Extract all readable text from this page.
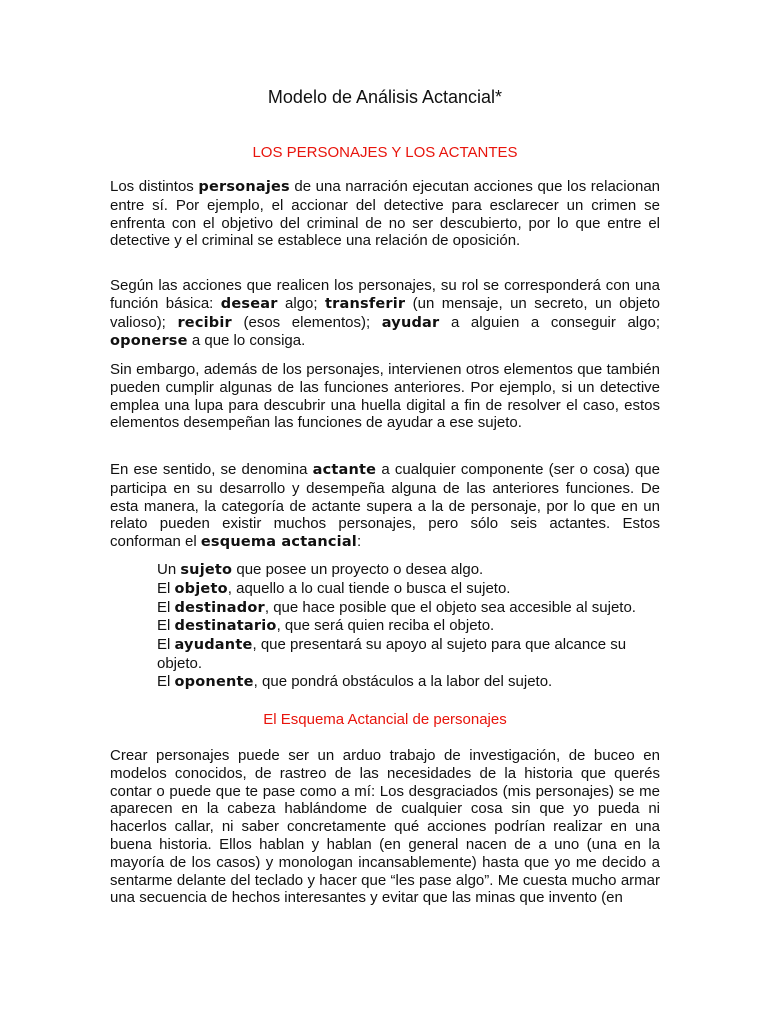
Modelo de Análisis Actancial*
LOS PERSONAJES Y LOS ACTANTES

Los distintos personajes de una narración ejecutan acciones que los relacionan entre sí. Por ejemplo, el accionar del detective para esclarecer un crimen se enfrenta con el objetivo del criminal de no ser descubierto, por lo que entre el detective y el criminal se establece una relación de oposición.

Según las acciones que realicen los personajes, su rol se corresponderá con una función básica: desear algo; transferir (un mensaje, un secreto, un objeto valioso); recibir (esos elementos); ayudar a alguien a conseguir algo; oponerse a que lo consiga.

Sin embargo, además de los personajes, intervienen otros elementos que también pueden cumplir algunas de las funciones anteriores. Por ejemplo, si un detective emplea una lupa para descubrir una huella digital a fin de resolver el caso, estos elementos desempeñan las funciones de ayudar a ese sujeto.

En ese sentido, se denomina actante a cualquier componente (ser o cosa) que participa en su desarrollo y desempeña alguna de las anteriores funciones. De esta manera, la categoría de actante supera a la de personaje, por lo que en un relato pueden existir muchos personajes, pero sólo seis actantes. Estos conforman el esquema actancial:

Un sujeto que posee un proyecto o desea algo.
El objeto, aquello a lo cual tiende o busca el sujeto.
El destinador, que hace posible que el objeto sea accesible al sujeto.
El destinatario, que será quien reciba el objeto.
El ayudante, que presentará su apoyo al sujeto para que alcance su objeto.
El oponente, que pondrá obstáculos a la labor del sujeto.
El Esquema Actancial de personajes

Crear personajes puede ser un arduo trabajo de investigación, de buceo en modelos conocidos, de rastreo de las necesidades de la historia que querés contar o puede que te pase como a mí: Los desgraciados (mis personajes) se me aparecen en la cabeza hablándome de cualquier cosa sin que yo pueda ni hacerlos callar, ni saber concretamente qué acciones podrían realizar en una buena historia. Ellos hablan y hablan (en general nacen de a uno (una en la mayoría de los casos) y monologan incansablemente) hasta que yo me decido a sentarme delante del teclado y hacer que “les pase algo”. Me cuesta mucho armar una secuencia de hechos interesantes y evitar que las minas que invento (en
